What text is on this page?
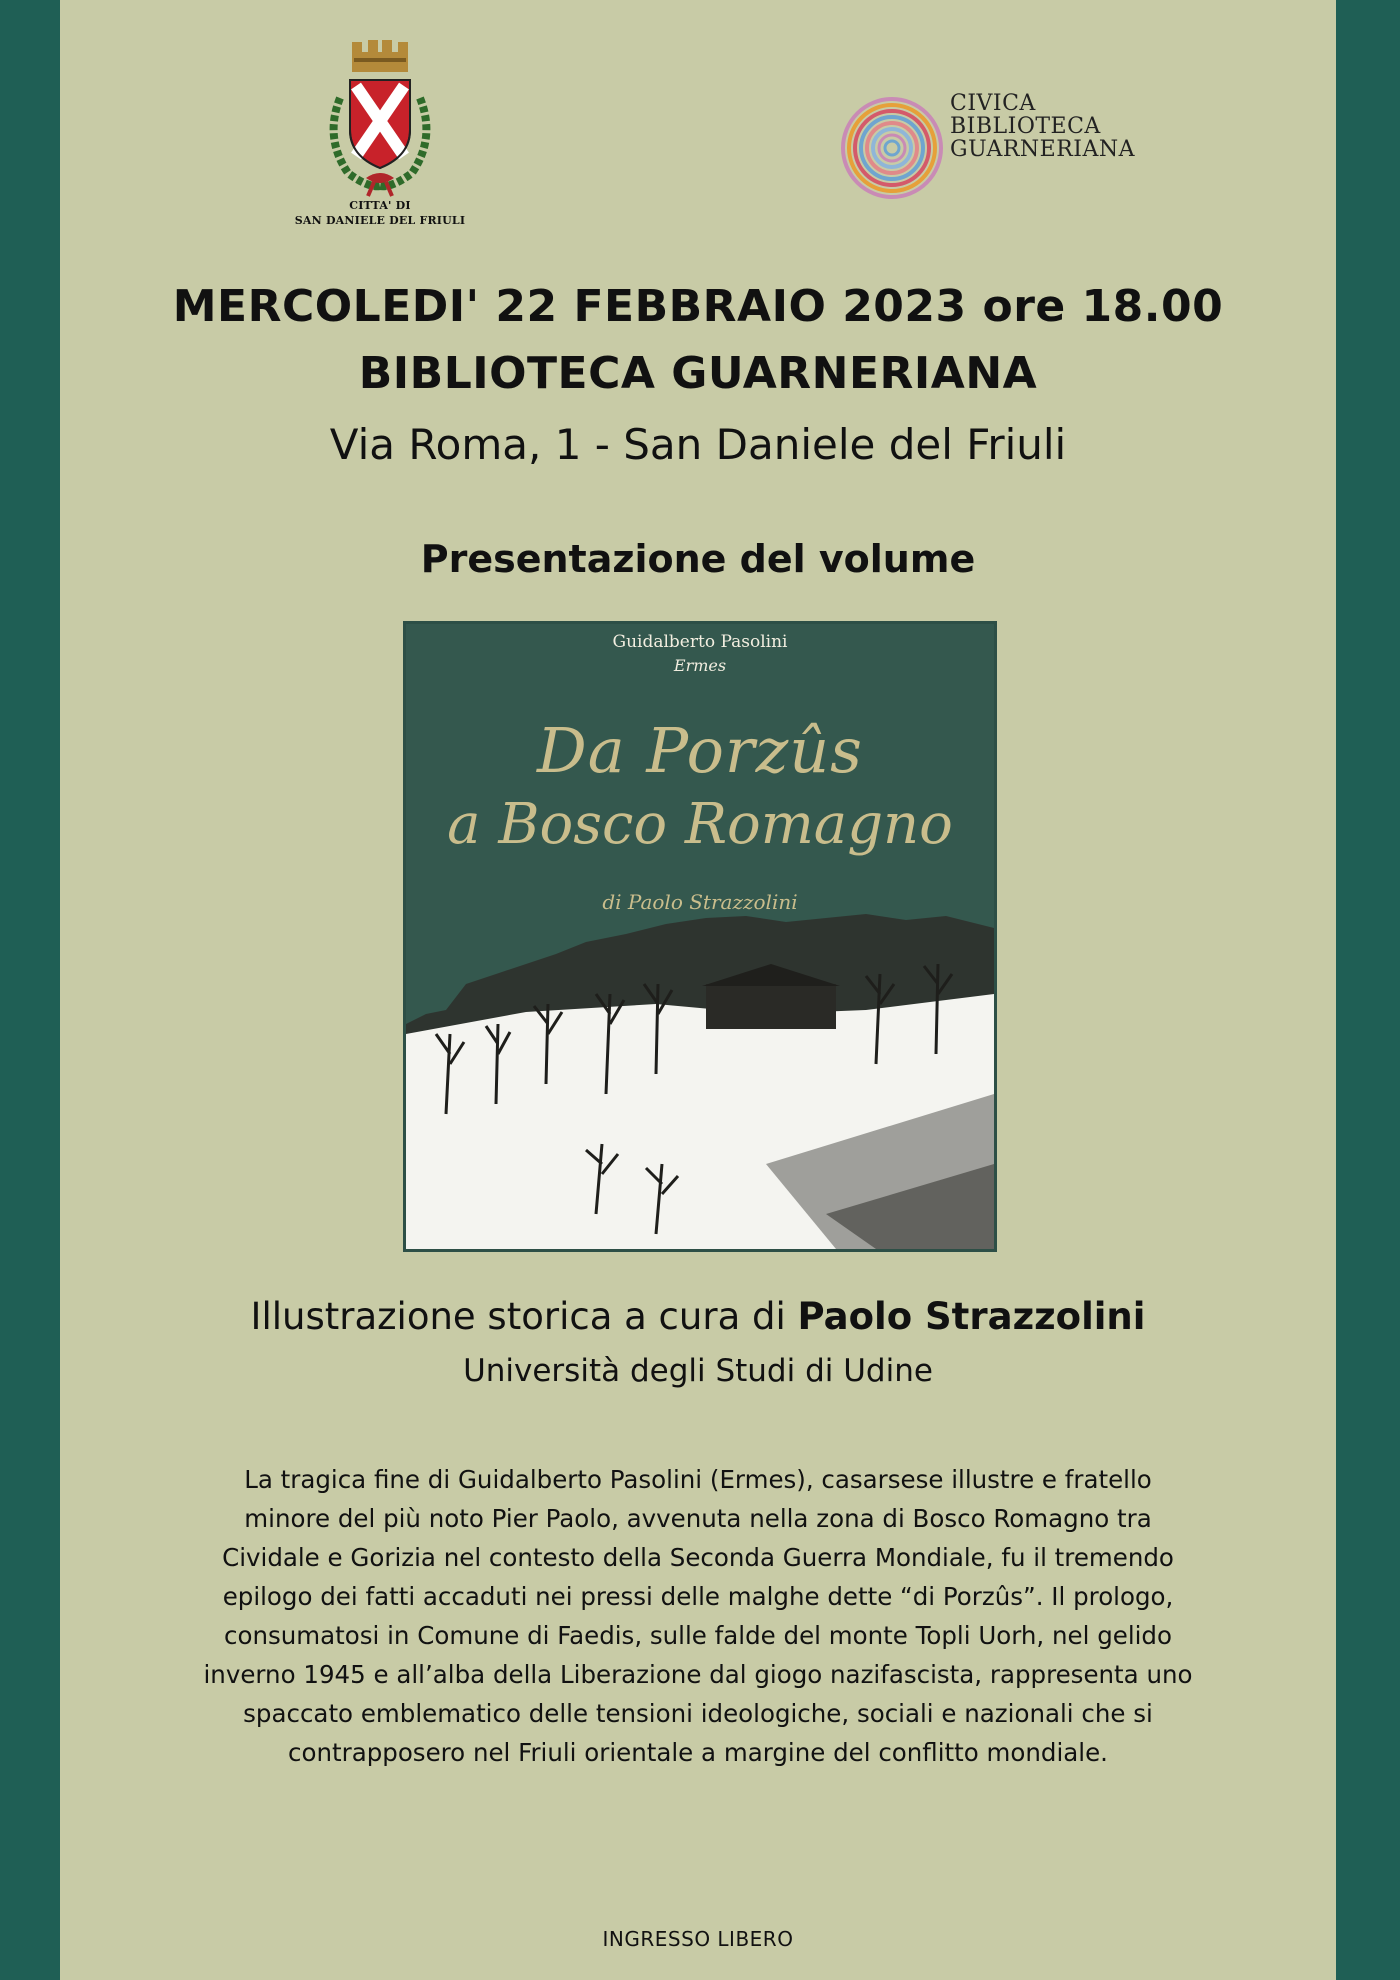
CITTA' DI
SAN DANIELE DEL FRIULI
CIVICA
BIBLIOTECA
GUARNERIANA
MERCOLEDI' 22 FEBBRAIO 2023 ore 18.00
BIBLIOTECA GUARNERIANA
Via Roma, 1 - San Daniele del Friuli
Presentazione del volume
Guidalberto Pasolini
Ermes
Da Porzûs
a Bosco Romagno
di Paolo Strazzolini
Illustrazione storica a cura di Paolo Strazzolini
Università degli Studi di Udine
La tragica fine di Guidalberto Pasolini (Ermes), casarsese illustre e fratello
minore del più noto Pier Paolo, avvenuta nella zona di Bosco Romagno tra
Cividale e Gorizia nel contesto della Seconda Guerra Mondiale, fu il tremendo
epilogo dei fatti accaduti nei pressi delle malghe dette “di Porzûs”. Il prologo,
consumatosi in Comune di Faedis, sulle falde del monte Topli Uorh, nel gelido
inverno 1945 e all’alba della Liberazione dal giogo nazifascista, rappresenta uno
spaccato emblematico delle tensioni ideologiche, sociali e nazionali che si
contrapposero nel Friuli orientale a margine del conflitto mondiale.
INGRESSO LIBERO
